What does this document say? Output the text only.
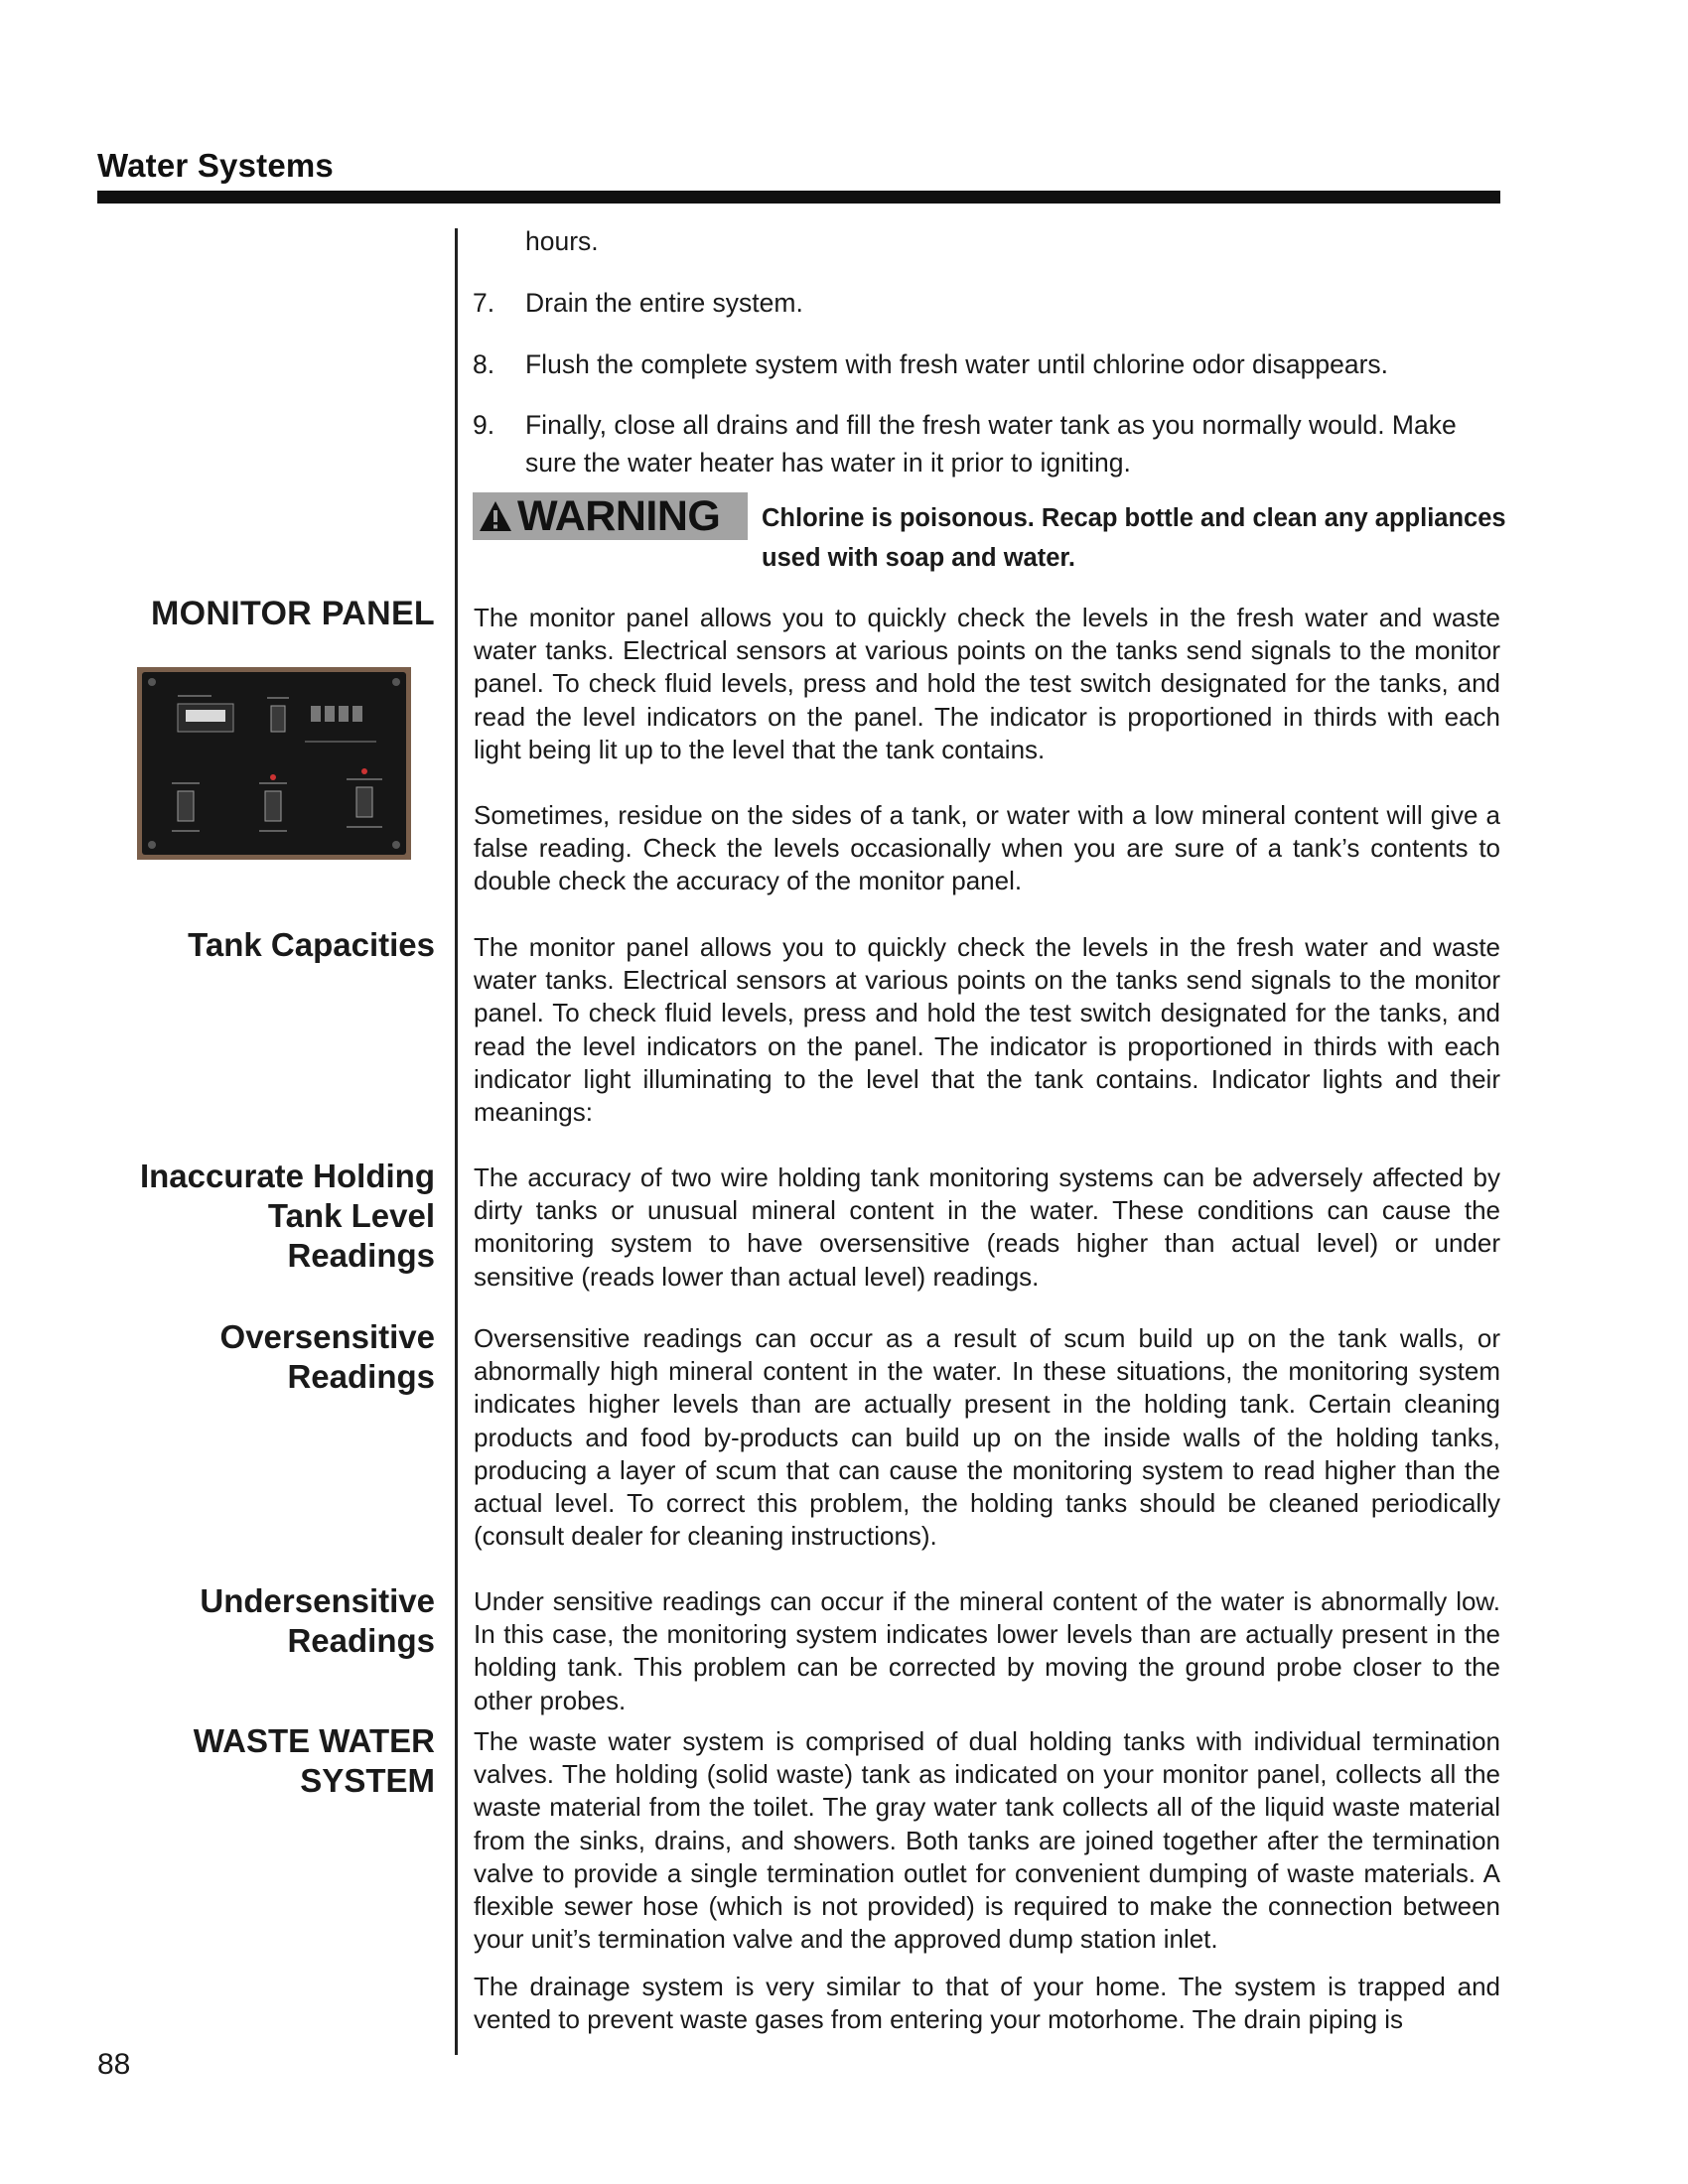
Water Systems
hours.
7. Drain the entire system.
8. Flush the complete system with fresh water until chlorine odor disappears.
9. Finally, close all drains and fill the fresh water tank as you normally would. Make
sure the water heater has water in it prior to igniting.
WARNING Chlorine is poisonous. Recap bottle and clean any appliances used with soap and water.
MONITOR PANEL The monitor panel allows you to quickly check the levels in the fresh water and waste water tanks. Electrical sensors at various points on the tanks send signals to the monitor panel. To check fluid levels, press and hold the test switch designated for the tanks, and read the level indicators on the panel. The indicator is proportioned in thirds with each light being lit up to the level that the tank contains.
Sometimes, residue on the sides of a tank, or water with a low mineral content will give a false reading. Check the levels occasionally when you are sure of a tank’s contents to double check the accuracy of the monitor panel.
Tank Capacities The monitor panel allows you to quickly check the levels in the fresh water and waste water tanks. Electrical sensors at various points on the tanks send signals to the monitor panel. To check fluid levels, press and hold the test switch designated for the tanks, and read the level indicators on the panel. The indicator is proportioned in thirds with each indicator light illuminating to the level that the tank contains. Indicator lights and their meanings:
Inaccurate Holding
Tank Level
Readings
The accuracy of two wire holding tank monitoring systems can be adversely affected by dirty tanks or unusual mineral content in the water. These conditions can cause the monitoring system to have oversensitive (reads higher than actual level) or under sensitive (reads lower than actual level) readings.
Oversensitive
Readings
Oversensitive readings can occur as a result of scum build up on the tank walls, or abnormally high mineral content in the water. In these situations, the monitoring system indicates higher levels than are actually present in the holding tank. Certain cleaning products and food by-products can build up on the inside walls of the holding tanks, producing a layer of scum that can cause the monitoring system to read higher than the actual level. To correct this problem, the holding tanks should be cleaned periodically (consult dealer for cleaning instructions).
Undersensitive
Readings
Under sensitive readings can occur if the mineral content of the water is abnormally low. In this case, the monitoring system indicates lower levels than are actually present in the holding tank. This problem can be corrected by moving the ground probe closer to the other probes.
WASTE WATER
SYSTEM
The waste water system is comprised of dual holding tanks with individual termination valves. The holding (solid waste) tank as indicated on your monitor panel, collects all the waste material from the toilet. The gray water tank collects all of the liquid waste material from the sinks, drains, and showers. Both tanks are joined together after the termination valve to provide a single termination outlet for convenient dumping of waste materials. A flexible sewer hose (which is not provided) is required to make the connection between your unit’s termination valve and the approved dump station inlet.
The drainage system is very similar to that of your home. The system is trapped and vented to prevent waste gases from entering your motorhome. The drain piping is
88
